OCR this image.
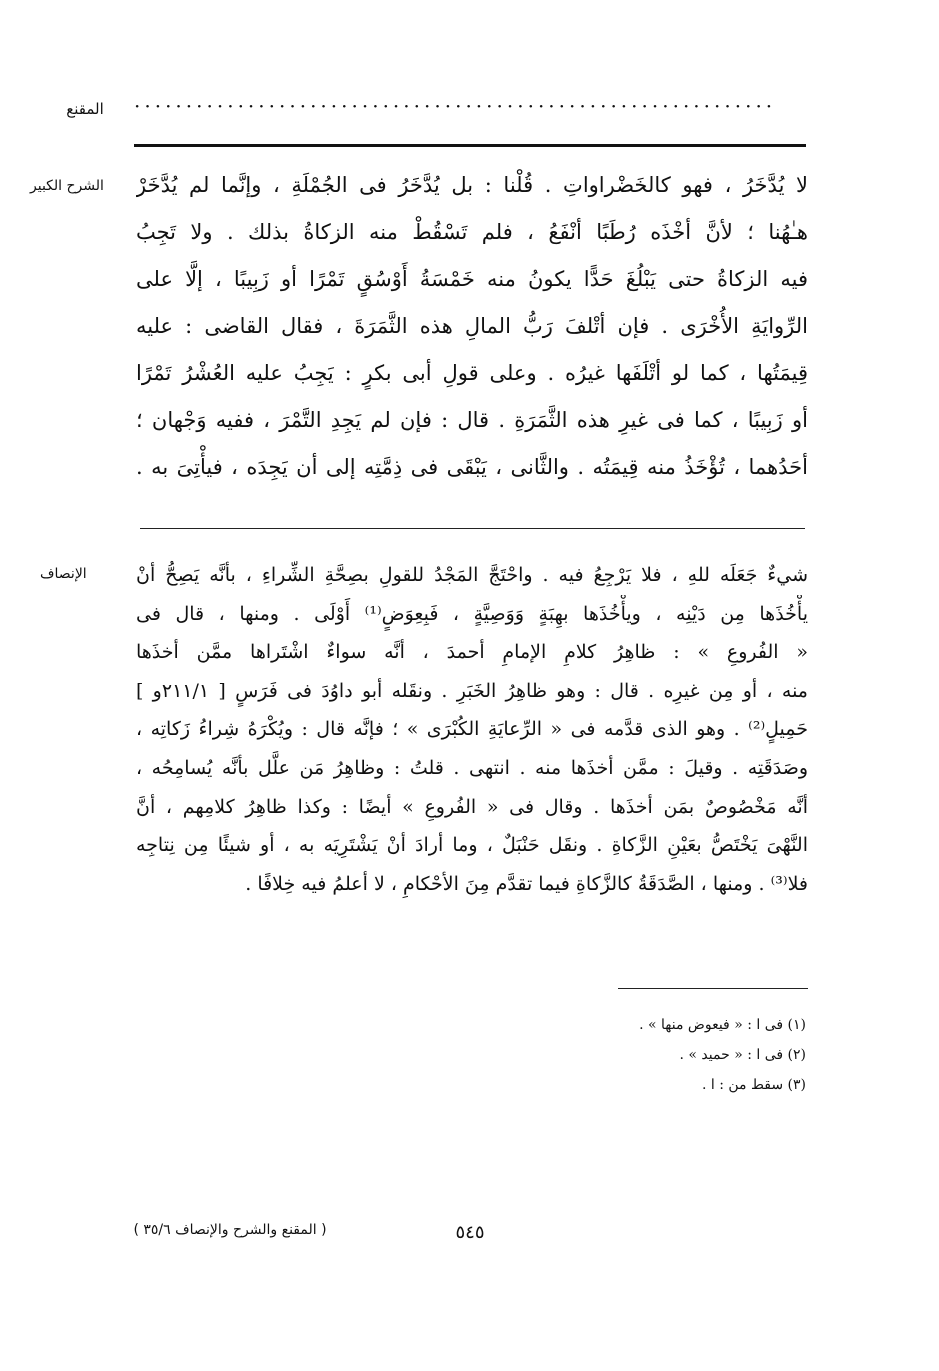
المقنع	······························································
الشرح الكبير	لا يُدَّخَرُ ، فهو كالخَضْراواتِ . قُلْنا : بل يُدَّخَرُ فى الجُمْلَةِ ، وإنَّما لم يُدَّخَرْ
هـٰهُنا ؛ لأنَّ أخْذَه رُطَبًا أنْفَعُ ، فلم تَسْقُطْ منه الزكاةُ بذلك . ولا تَجِبُ
فيه الزكاةُ حتى يَبْلُغَ حَدًّا يكونُ منه خَمْسَةُ أَوْسُقٍ تَمْرًا أو زَبِيبًا ، إلَّا على
الرِّوايَةِ الأُخْرَى . فإن أتْلفَ رَبُّ المالِ هذه الثَّمَرَةَ ، فقال القاضى : عليه
قِيمَتُها ، كما لو أتْلَفَها غيرُه . وعلى قولِ أبى بكرٍ : يَجِبُ عليه العُشْرُ تَمْرًا
أو زَبِيبًا ، كما فى غيرِ هذه الثَّمَرَةِ . قال : فإن لم يَجِدِ التَّمْرَ ، ففيه وَجْهان ؛
أحَدُهما ، تُؤْخَذُ منه قِيمَتُه . والثَّانى ، يَبْقَى فى ذِمَّتِه إلى أن يَجِدَه ، فيأْتِىَ به .
الإنصاف	شيءٌ جَعَلَه للهِ ، فلا يَرْجِعُ فيه . واحْتَجَّ المَجْدُ للقولِ بصِحَّةِ الشِّراءِ ، بأنَّه يَصِحُّ أنْ
يأْخُذَها مِن دَيْنِه ، ويأْخُذَها بهِبَةٍ وَوَصِيَّةٍ ، فَبِعِوَضٍ⁽¹⁾ أَوْلَى . ومنها ، قال فى
« الفُروعِ » : ظاهِرُ كلامِ الإمامِ أحمدَ ، أنَّه سواءٌ اشْتَراها ممَّن أخذَها
منه ، أو مِن غيرِه . قال : وهو ظاهِرُ الخَبَرِ . ونقَله أبو داوُدَ فى فَرَسٍ [ ٢١١/١و ]
حَمِيلٍ⁽²⁾ . وهو الذى قدَّمه فى « الرِّعايَةِ الكُبْرَى » ؛ فإنَّه قال : ويُكْرَهُ شِراءُ زَكاتِه ،
وصَدَقَتِه . وقيلَ : ممَّن أخذَها منه . انتهى . قلتُ : وظاهِرُ مَن علَّل بأنَّه يُسامِحُه ،
أنَّه مَخْصُوصٌ بمَن أخذَها . وقال فى « الفُروعِ » أيضًا : وكذا ظاهِرُ كلامِهم ، أنَّ
النَّهْىَ يَخْتَصُّ بعَيْنِ الزَّكاةِ . ونقَل حَنْبَلٌ ، وما أرادَ أنْ يَشْتَرِيَه به ، أو شيئًا مِن نِتاجِه
فلا⁽³⁾ . ومنها ، الصَّدَقَةُ كالزَّكاةِ فيما تقدَّم مِنَ الأحْكامِ ، لا أعلمُ فيه خِلافًا .
(١) فى ا : « فيعوض منها » .
(٢) فى ا : « حميد » .
(٣) سقط من : ا .
٥٤٥
( المقنع والشرح والإنصاف ٣٥/٦ )
